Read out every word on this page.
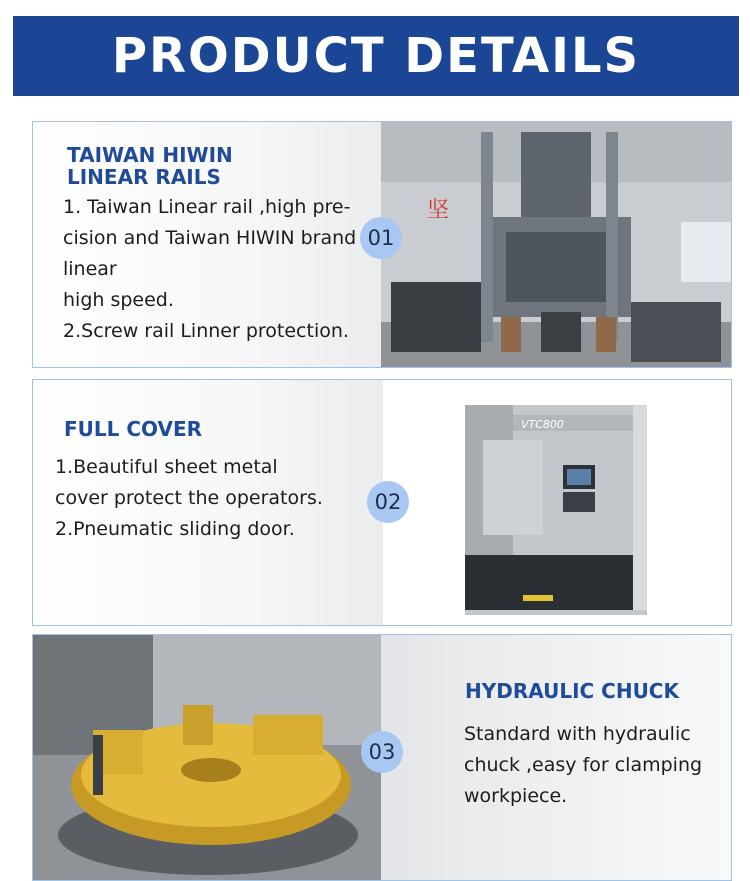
PRODUCT DETAILS
TAIWAN HIWIN
LINEAR RAILS
1. Taiwan Linear rail ,high pre-
cision and Taiwan HIWIN brand
linear
high speed.
2.Screw rail Linner protection.
坚
01
FULL COVER
1.Beautiful sheet metal
cover protect the operators.
2.Pneumatic sliding door.
VTC800
02
03
HYDRAULIC CHUCK
Standard with hydraulic
chuck ,easy for clamping
workpiece.
